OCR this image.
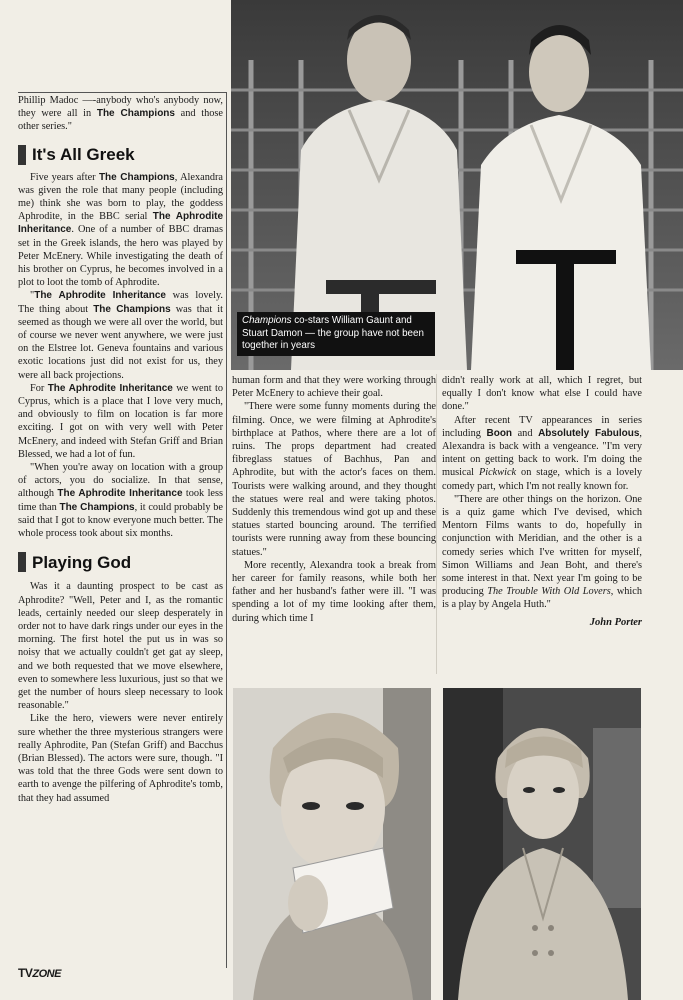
Champions co-stars William Gaunt and Stuart Damon — the group have not been together in years

Phillip Madoc —-anybody who's anybody now, they were all in The Champions and those other series."

It's All Greek

Five years after The Champions, Alexandra was given the role that many people (including me) think she was born to play, the goddess Aphrodite, in the BBC serial The Aphrodite Inheritance. One of a number of BBC dramas set in the Greek islands, the hero was played by Peter McEnery. While investigating the death of his brother on Cyprus, he becomes involved in a plot to loot the tomb of Aphrodite.

"The Aphrodite Inheritance was lovely. The thing about The Champions was that it seemed as though we were all over the world, but of course we never went anywhere, we were just on the Elstree lot. Geneva fountains and various exotic locations just did not exist for us, they were all back projections.

For The Aphrodite Inheritance we went to Cyprus, which is a place that I love very much, and obviously to film on location is far more exciting. I got on with very well with Peter McEnery, and indeed with Stefan Griff and Brian Blessed, we had a lot of fun.

"When you're away on location with a group of actors, you do socialize. In that sense, although The Aphrodite Inheritance took less time than The Champions, it could probably be said that I got to know everyone much better. The whole process took about six months.

Playing God

Was it a daunting prospect to be cast as Aphrodite? "Well, Peter and I, as the romantic leads, certainly needed our sleep desperately in order not to have dark rings under our eyes in the morning. The first hotel the put us in was so noisy that we actually couldn't get gat ay sleep, and we both requested that we move elsewhere, even to somewhere less luxurious, just so that we get the number of hours sleep necessary to look reasonable."

Like the hero, viewers were never entirely sure whether the three mysterious strangers were really Aphrodite, Pan (Stefan Griff) and Bacchus (Brian Blessed). The actors were sure, though. "I was told that the three Gods were sent down to earth to avenge the pilfering of Aphrodite's tomb, that they had assumed

human form and that they were working through Peter McEnery to achieve their goal.

"There were some funny moments during the filming. Once, we were filming at Aphrodite's birthplace at Pathos, where there are a lot of ruins. The props department had created fibreglass statues of Bachhus, Pan and Aphrodite, but with the actor's faces on them. Tourists were walking around, and they thought the statues were real and were taking photos. Suddenly this tremendous wind got up and these statues started bouncing around. The terrified tourists were running away from these bouncing statues."

More recently, Alexandra took a break from her career for family reasons, while both her father and her husband's father were ill. "I was spending a lot of my time looking after them, during which time I

didn't really work at all, which I regret, but equally I don't know what else I could have done."

After recent TV appearances in series including Boon and Absolutely Fabulous, Alexandra is back with a vengeance. "I'm very intent on getting back to work. I'm doing the musical Pickwick on stage, which is a lovely comedy part, which I'm not really known for.

"There are other things on the horizon. One is a quiz game which I've devised, which Mentorn Films wants to do, hopefully in conjunction with Meridian, and the other is a comedy series which I've written for myself, Simon Williams and Jean Boht, and there's some interest in that. Next year I'm going to be producing The Trouble With Old Lovers, which is a play by Angela Huth."

John Porter
TVZONE
